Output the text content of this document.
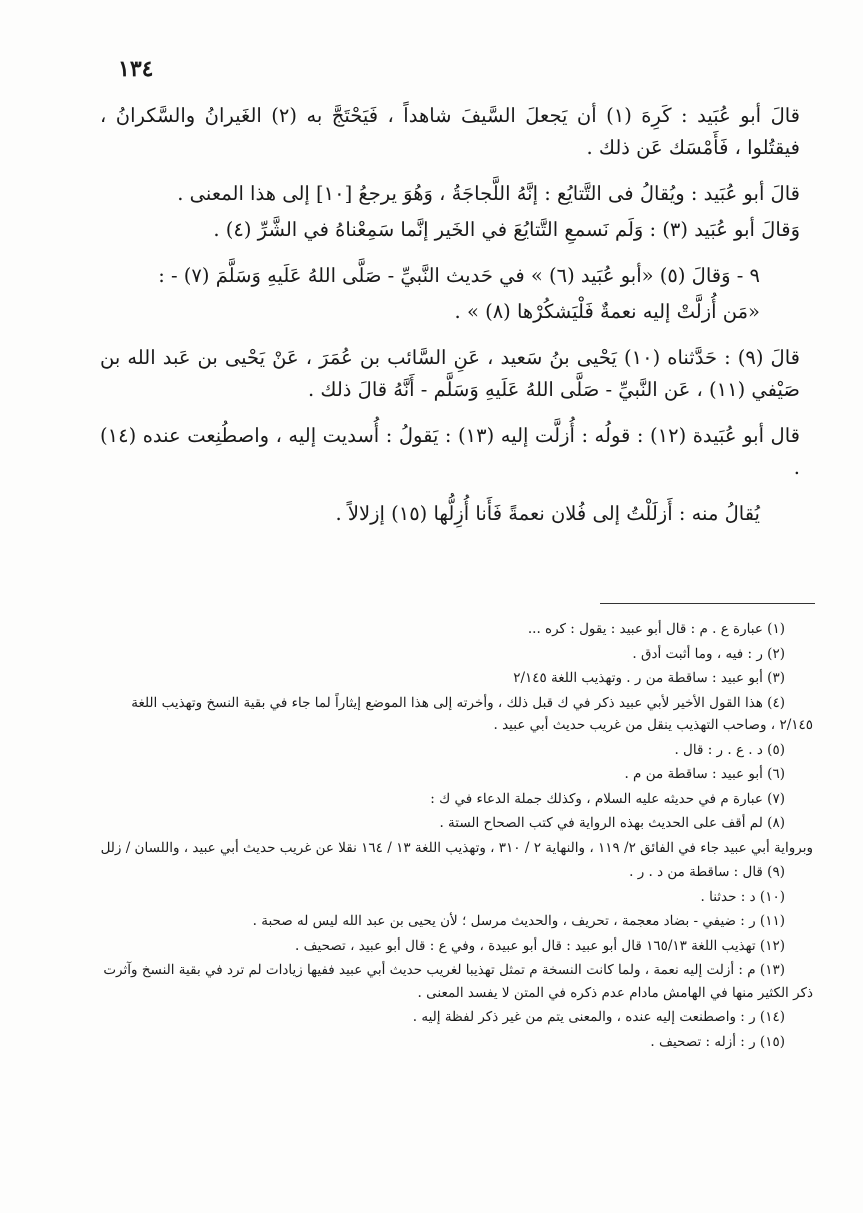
١٣٤

قالَ أبو عُبَيد : كَرِهَ (١) أن يَجعلَ السَّيفَ شاهداً ، فَيَحْتَجَّ به (٢) الغَيرانُ والسَّكرانُ ، فيقتُلوا ، فَأَمْسَك عَن ذلك .

قالَ أبو عُبَيد : ويُقالُ فى التَّتايُع : إنَّهُ اللَّجاجَةُ ، وَهُوَ يرجعُ [١٠] إلى هذا المعنى .

وَقالَ أبو عُبَيد (٣) : وَلَم نَسمعِ التَّتايُعَ في الخَير إنَّما سَمِعْناهُ في الشَّرِّ (٤) .

٩ - وَقالَ (٥) «أبو عُبَيد (٦) » في حَديث النَّبيِّ - صَلَّى اللهُ عَلَيهِ وَسَلَّمَ (٧) - :

«مَن أُزلَّتْ إليه نعمةٌ فَلْيَشكُرْها (٨) » .

قالَ (٩) : حَدَّثناه (١٠) يَحْيى بنُ سَعيد ، عَنِ السَّائب بن عُمَرَ ، عَنْ يَحْيى بن عَبد الله بن صَيْفي (١١) ، عَن النَّبيِّ - صَلَّى اللهُ عَلَيهِ وَسَلَّم - أَنَّهُ قالَ ذلك .

قال أبو عُبَيدة (١٢) : قولُه : أُزلَّت إليه (١٣) : يَقولُ : أُسديت إليه ، واصطُنِعت عنده (١٤) .

يُقالُ منه : أَزلَلْتُ إلى فُلان نعمةً فَأَنا أُزِلُّها (١٥) إزلالاً .

(١) عبارة ع . م : قال أبو عبيد : يقول : كره ...

(٢) ر : فيه ، وما أثبت أدق .

(٣) أبو عبيد : ساقطة من ر . وتهذيب اللغة ٢/١٤٥

(٤) هذا القول الأخير لأبي عبيد ذكر في ك قبل ذلك ، وأخرته إلى هذا الموضع إيثاراً لما جاء في بقية النسخ وتهذيب اللغة ٢/١٤٥ ، وصاحب التهذيب ينقل من غريب حديث أبي عبيد .

(٥) د . ع . ر : قال .

(٦) أبو عبيد : ساقطة من م .

(٧) عبارة م في حديثه عليه السلام ، وكذلك جملة الدعاء في ك :

(٨) لم أقف على الحديث بهذه الرواية في كتب الصحاح الستة .

وبرواية أبي عبيد جاء في الفائق ٢/ ١١٩ ، والنهاية ٢ / ٣١٠ ، وتهذيب اللغة ١٣ / ١٦٤ نقلا عن غريب حديث أبي عبيد ، واللسان / زلل

(٩) قال : ساقطة من د . ر .

(١٠) د : حدثنا .

(١١) ر : ضيفي - بضاد معجمة ، تحريف ، والحديث مرسل ؛ لأن يحيى بن عبد الله ليس له صحبة .

(١٢) تهذيب اللغة ١٦٥/١٣ قال أبو عبيد : قال أبو عبيدة ، وفي ع : قال أبو عبيد ، تصحيف .

(١٣) م : أزلت إليه نعمة ، ولما كانت النسخة م تمثل تهذيبا لغريب حديث أبي عبيد ففيها زيادات لم ترد في بقية النسخ وآثرت ذكر الكثير منها في الهامش مادام عدم ذكره في المتن لا يفسد المعنى .

(١٤) ر : واصطنعت إليه عنده ، والمعنى يتم من غير ذكر لفظة إليه .

(١٥) ر : أزله : تصحيف .
